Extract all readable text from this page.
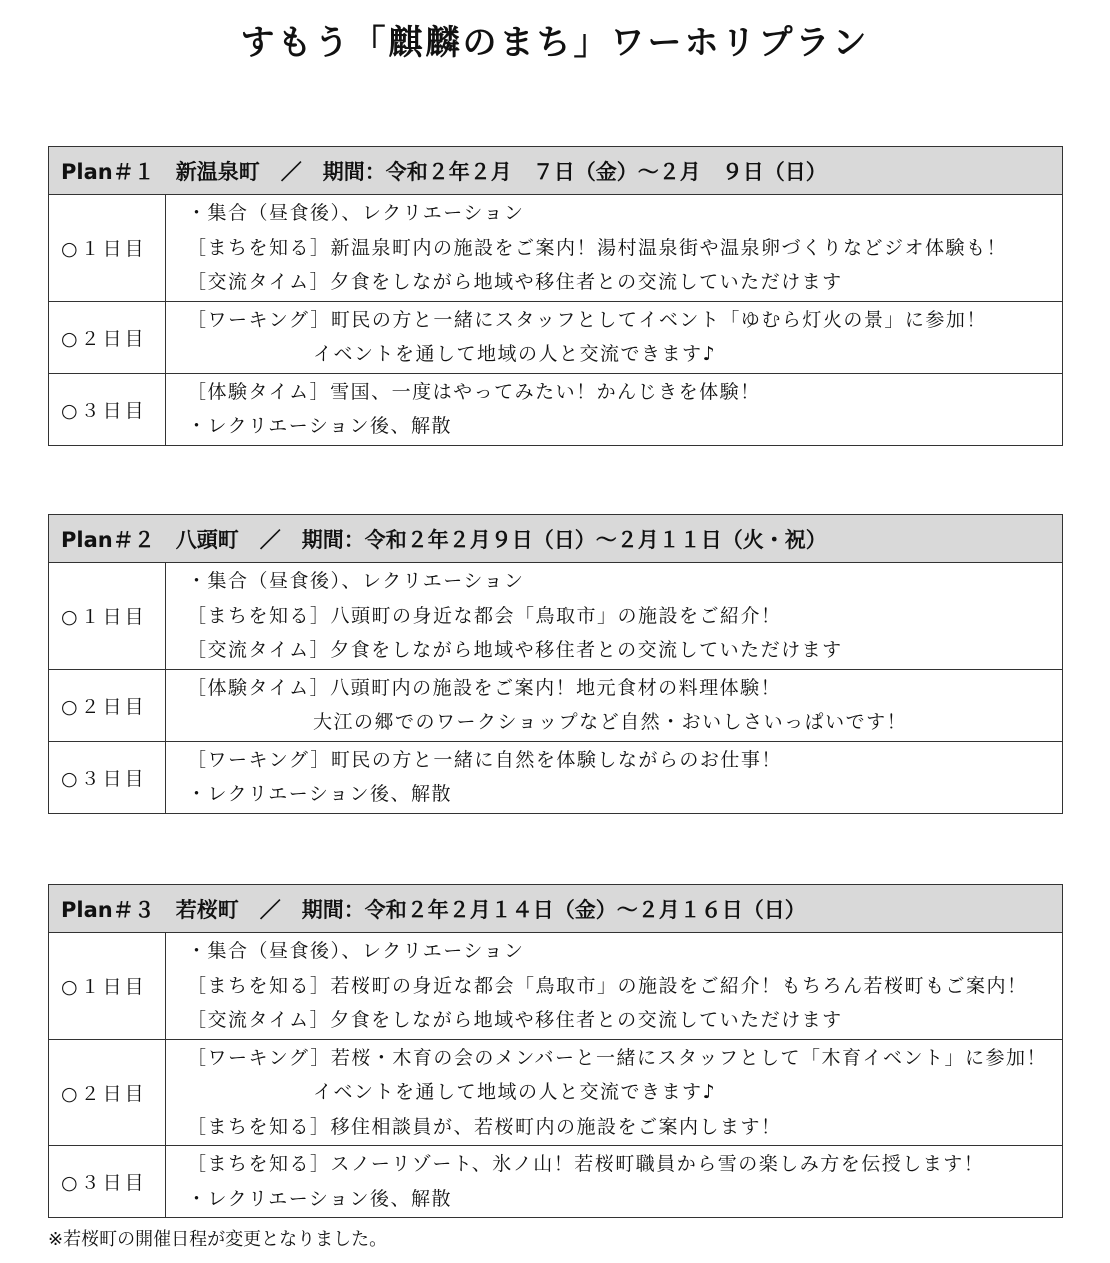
すもう「麒麟のまち」ワーホリプラン
Plan＃１　新温泉町　／　期間：令和２年２月　７日（金）～２月　９日（日）
○１日目
・集合（昼食後）、レクリエーション
［まちを知る］新温泉町内の施設をご案内！湯村温泉街や温泉卵づくりなどジオ体験も！
［交流タイム］夕食をしながら地域や移住者との交流していただけます
○２日目
［ワーキング］町民の方と一緒にスタッフとしてイベント「ゆむら灯火の景」に参加！
イベントを通して地域の人と交流できます♪
○３日目
［体験タイム］雪国、一度はやってみたい！かんじきを体験！
・レクリエーション後、解散
Plan＃２　八頭町　／　期間：令和２年２月９日（日）～２月１１日（火・祝）
○１日目
・集合（昼食後）、レクリエーション
［まちを知る］八頭町の身近な都会「鳥取市」の施設をご紹介！
［交流タイム］夕食をしながら地域や移住者との交流していただけます
○２日目
［体験タイム］八頭町内の施設をご案内！地元食材の料理体験！
大江の郷でのワークショップなど自然・おいしさいっぱいです！
○３日目
［ワーキング］町民の方と一緒に自然を体験しながらのお仕事！
・レクリエーション後、解散
Plan＃３　若桜町　／　期間：令和２年２月１４日（金）～２月１６日（日）
○１日目
・集合（昼食後）、レクリエーション
［まちを知る］若桜町の身近な都会「鳥取市」の施設をご紹介！もちろん若桜町もご案内！
［交流タイム］夕食をしながら地域や移住者との交流していただけます
○２日目
［ワーキング］若桜・木育の会のメンバーと一緒にスタッフとして「木育イベント」に参加！
イベントを通して地域の人と交流できます♪
［まちを知る］移住相談員が、若桜町内の施設をご案内します！
○３日目
［まちを知る］スノーリゾート、氷ノ山！若桜町職員から雪の楽しみ方を伝授します！
・レクリエーション後、解散
※若桜町の開催日程が変更となりました。
